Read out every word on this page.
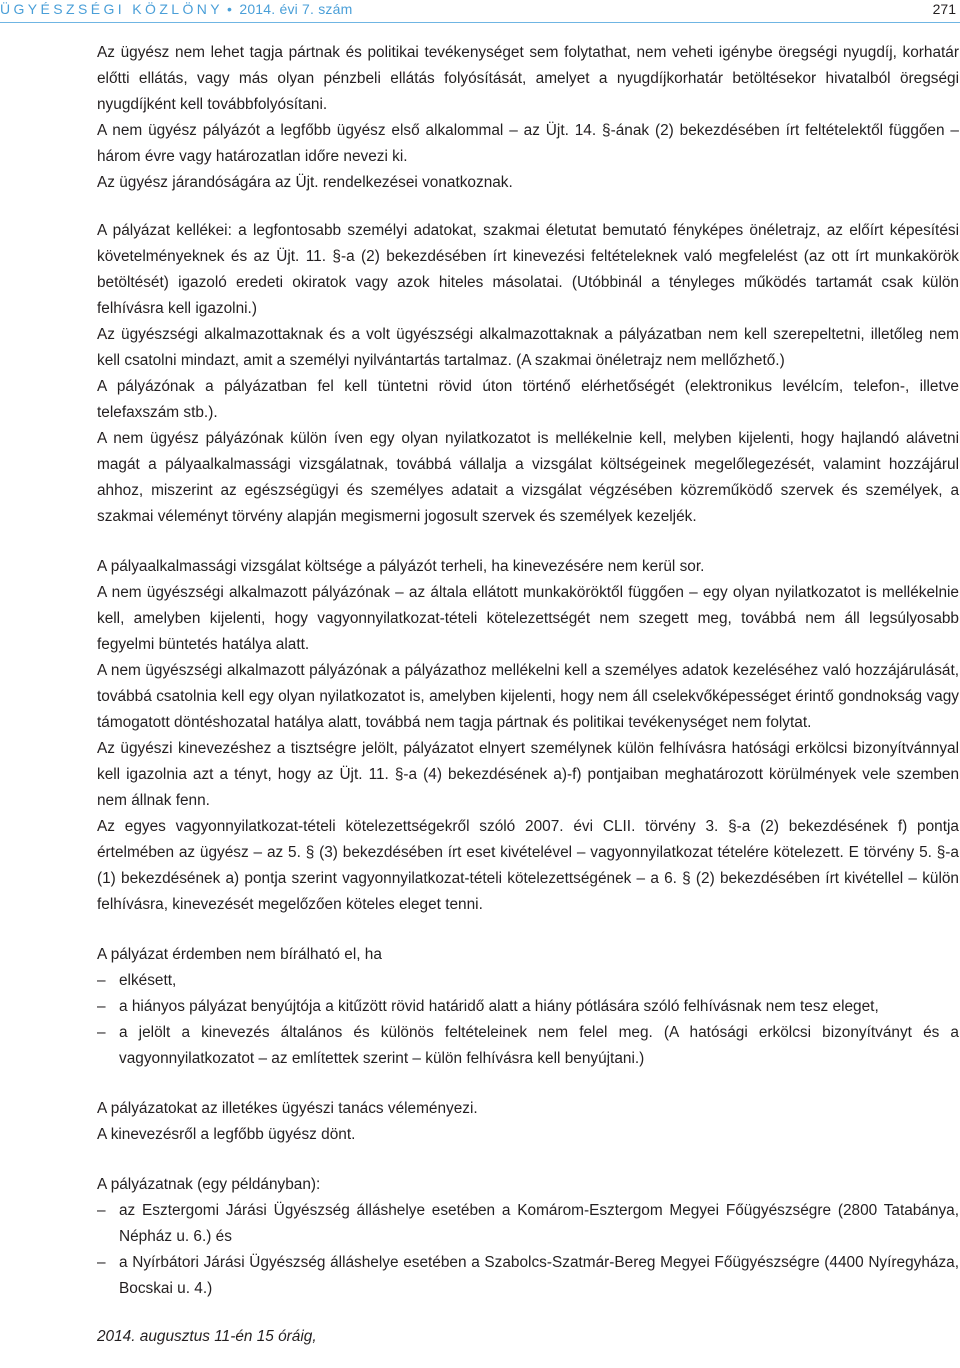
ÜGYÉSZSÉGI KÖZLÖNY • 2014. évi 7. szám	271

Az ügyész nem lehet tagja pártnak és politikai tevékenységet sem folytathat, nem veheti igénybe öregségi nyugdíj, korhatár előtti ellátás, vagy más olyan pénzbeli ellátás folyósítását, amelyet a nyugdíjkorhatár betöltésekor hivatalból öregségi nyugdíjként kell továbbfolyósítani.

A nem ügyész pályázót a legfőbb ügyész első alkalommal – az Üjt. 14. §-ának (2) bekezdésében írt feltételektől függően – három évre vagy határozatlan időre nevezi ki.

Az ügyész járandóságára az Üjt. rendelkezései vonatkoznak.

A pályázat kellékei: a legfontosabb személyi adatokat, szakmai életutat bemutató fényképes önéletrajz, az előírt képesítési követelményeknek és az Üjt. 11. §-a (2) bekezdésében írt kinevezési feltételeknek való megfelelést (az ott írt munkakörök betöltését) igazoló eredeti okiratok vagy azok hiteles másolatai. (Utóbbinál a tényleges működés tartamát csak külön felhívásra kell igazolni.)

Az ügyészségi alkalmazottaknak és a volt ügyészségi alkalmazottaknak a pályázatban nem kell szerepeltetni, illetőleg nem kell csatolni mindazt, amit a személyi nyilvántartás tartalmaz. (A szakmai önéletrajz nem mellőzhető.)

A pályázónak a pályázatban fel kell tüntetni rövid úton történő elérhetőségét (elektronikus levélcím, telefon-, illetve telefaxszám stb.).

A nem ügyész pályázónak külön íven egy olyan nyilatkozatot is mellékelnie kell, melyben kijelenti, hogy hajlandó alávetni magát a pályaalkalmassági vizsgálatnak, továbbá vállalja a vizsgálat költségeinek megelőlegezését, valamint hozzájárul ahhoz, miszerint az egészségügyi és személyes adatait a vizsgálat végzésében közreműködő szervek és személyek, a szakmai véleményt törvény alapján megismerni jogosult szervek és személyek kezeljék.

A pályaalkalmassági vizsgálat költsége a pályázót terheli, ha kinevezésére nem kerül sor.

A nem ügyészségi alkalmazott pályázónak – az általa ellátott munkaköröktől függően – egy olyan nyilatkozatot is mellékelnie kell, amelyben kijelenti, hogy vagyonnyilatkozat-tételi kötelezettségét nem szegett meg, továbbá nem áll legsúlyosabb fegyelmi büntetés hatálya alatt.

A nem ügyészségi alkalmazott pályázónak a pályázathoz mellékelni kell a személyes adatok kezeléséhez való hozzájárulását, továbbá csatolnia kell egy olyan nyilatkozatot is, amelyben kijelenti, hogy nem áll cselekvőképességet érintő gondnokság vagy támogatott döntéshozatal hatálya alatt, továbbá nem tagja pártnak és politikai tevékenységet nem folytat.

Az ügyészi kinevezéshez a tisztségre jelölt, pályázatot elnyert személynek külön felhívásra hatósági erkölcsi bizonyítvánnyal kell igazolnia azt a tényt, hogy az Üjt. 11. §-a (4) bekezdésének a)-f) pontjaiban meghatározott körülmények vele szemben nem állnak fenn.

Az egyes vagyonnyilatkozat-tételi kötelezettségekről szóló 2007. évi CLII. törvény 3. §-a (2) bekezdésének f) pontja értelmében az ügyész – az 5. § (3) bekezdésében írt eset kivételével – vagyonnyilatkozat tételére kötelezett. E törvény 5. §-a (1) bekezdésének a) pontja szerint vagyonnyilatkozat-tételi kötelezettségének – a 6. § (2) bekezdésében írt kivétellel – külön felhívásra, kinevezését megelőzően köteles eleget tenni.

A pályázat érdemben nem bírálható el, ha

– elkésett,
– a hiányos pályázat benyújtója a kitűzött rövid határidő alatt a hiány pótlására szóló felhívásnak nem tesz eleget,
– a jelölt a kinevezés általános és különös feltételeinek nem felel meg. (A hatósági erkölcsi bizonyítványt és a vagyonnyilatkozatot – az említettek szerint – külön felhívásra kell benyújtani.)

A pályázatokat az illetékes ügyészi tanács véleményezi.

A kinevezésről a legfőbb ügyész dönt.

A pályázatnak (egy példányban):

– az Esztergomi Járási Ügyészség álláshelye esetében a Komárom-Esztergom Megyei Főügyészségre (2800 Tatabánya, Népház u. 6.) és
– a Nyírbátori Járási Ügyészség álláshelye esetében a Szabolcs-Szatmár-Bereg Megyei Főügyészségre (4400 Nyíregyháza, Bocskai u. 4.)

2014. augusztus 11-én 15 óráig,
